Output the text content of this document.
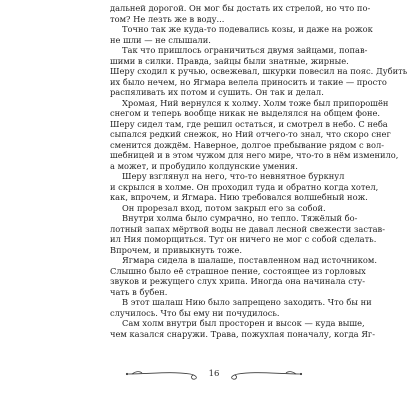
дальней дорогой. Он мог бы достать их стрелой, но что по-
том? Не лезть же в воду...
Точно так же куда-то подевались козы, и даже на рожок
не шли — не слышали.
Так что пришлось ограничиться двумя зайцами, попав-
шими в силки. Правда, зайцы были знатные, жирные.
Шеру сходил к ручью, освежевал, шкурки повесил на пояс. Дубить
их было нечем, но Ягмара велела приносить и такие — просто
распяливать их потом и сушить. Он так и делал.
Хромая, Ний вернулся к холму. Холм тоже был припорошён
снегом и теперь вообще никак не выделялся на общем фоне.
Шеру сидел там, где решил остаться, и смотрел в небо. С неба
сыпался редкий снежок, но Ний отчего-то знал, что скоро снег
сменится дождём. Наверное, долгое пребывание рядом с вол-
шебницей и в этом чужом для него мире, что-то в нём изменило,
а может, и пробудило колдунские умения.
Шеру взглянул на него, что-то невнятное буркнул
и скрылся в холме. Он проходил туда и обратно когда хотел,
как, впрочем, и Ягмара. Нию требовался волшебный нож.
Он прорезал вход, потом закрыл его за собой.
Внутри холма было сумрачно, но тепло. Тяжёлый бо-
лотный запах мёртвой воды не давал лесной свежести застав-
ил Ния поморщиться. Тут он ничего не мог с собой сделать.
Впрочем, и привыкнуть тоже.
Ягмара сидела в шалаше, поставленном над источником.
Слышно было её страшное пение, состоящее из горловых
звуков и режущего слух хрипа. Иногда она начинала сту-
чать в бубен.
В этот шалаш Нию было запрещено заходить. Что бы ни
случилось. Что бы ему ни почудилось.
Сам холм внутри был просторен и высок — куда выше,
чем казался снаружи. Трава, пожухлая поначалу, когда Яг-
16
